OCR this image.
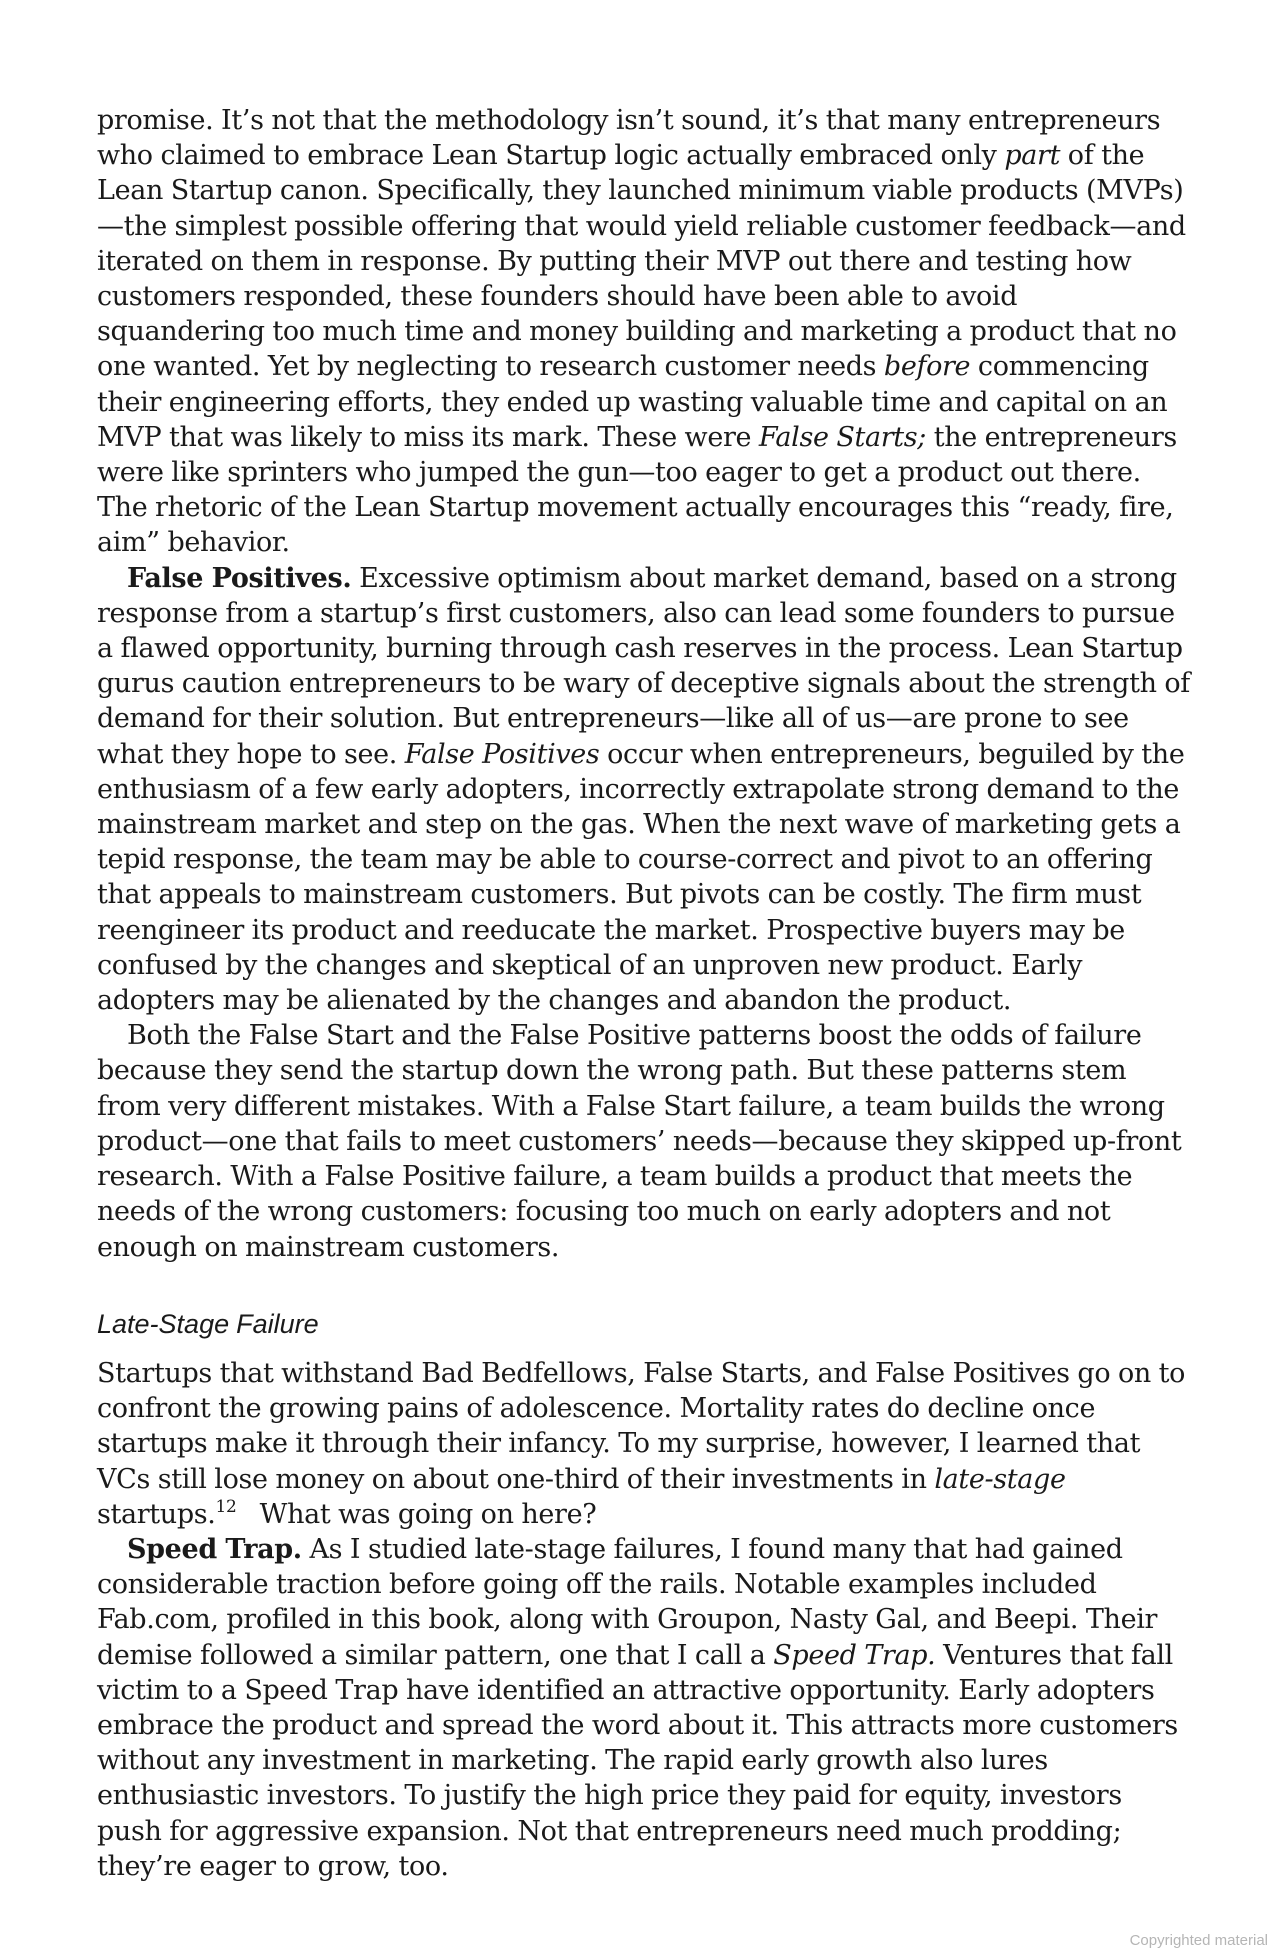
promise. It’s not that the methodology isn’t sound, it’s that many entrepreneurs who claimed to embrace Lean Startup logic actually embraced only part of the Lean Startup canon. Specifically, they launched minimum viable products (MVPs)—the simplest possible offering that would yield reliable customer feedback—and iterated on them in response. By putting their MVP out there and testing how customers responded, these founders should have been able to avoid squandering too much time and money building and marketing a product that no one wanted. Yet by neglecting to research customer needs before commencing their engineering efforts, they ended up wasting valuable time and capital on an MVP that was likely to miss its mark. These were False Starts; the entrepreneurs were like sprinters who jumped the gun—too eager to get a product out there. The rhetoric of the Lean Startup movement actually encourages this “ready, fire, aim” behavior.

False Positives. Excessive optimism about market demand, based on a strong response from a startup’s first customers, also can lead some founders to pursue a flawed opportunity, burning through cash reserves in the process. Lean Startup gurus caution entrepreneurs to be wary of deceptive signals about the strength of demand for their solution. But entrepreneurs—like all of us—are prone to see what they hope to see. False Positives occur when entrepreneurs, beguiled by the enthusiasm of a few early adopters, incorrectly extrapolate strong demand to the mainstream market and step on the gas. When the next wave of marketing gets a tepid response, the team may be able to course-correct and pivot to an offering that appeals to mainstream customers. But pivots can be costly. The firm must reengineer its product and reeducate the market. Prospective buyers may be confused by the changes and skeptical of an unproven new product. Early adopters may be alienated by the changes and abandon the product.

Both the False Start and the False Positive patterns boost the odds of failure because they send the startup down the wrong path. But these patterns stem from very different mistakes. With a False Start failure, a team builds the wrong product—one that fails to meet customers’ needs—because they skipped up-front research. With a False Positive failure, a team builds a product that meets the needs of the wrong customers: focusing too much on early adopters and not enough on mainstream customers.

Late-Stage Failure

Startups that withstand Bad Bedfellows, False Starts, and False Positives go on to confront the growing pains of adolescence. Mortality rates do decline once startups make it through their infancy. To my surprise, however, I learned that VCs still lose money on about one-third of their investments in late-stage startups.$^{12}$   What was going on here?

Speed Trap. As I studied late-stage failures, I found many that had gained considerable traction before going off the rails. Notable examples included Fab.com, profiled in this book, along with Groupon, Nasty Gal, and Beepi. Their demise followed a similar pattern, one that I call a Speed Trap. Ventures that fall victim to a Speed Trap have identified an attractive opportunity. Early adopters embrace the product and spread the word about it. This attracts more customers without any investment in marketing. The rapid early growth also lures enthusiastic investors. To justify the high price they paid for equity, investors push for aggressive expansion. Not that entrepreneurs need much prodding; they’re eager to grow, too.

Copyrighted material
